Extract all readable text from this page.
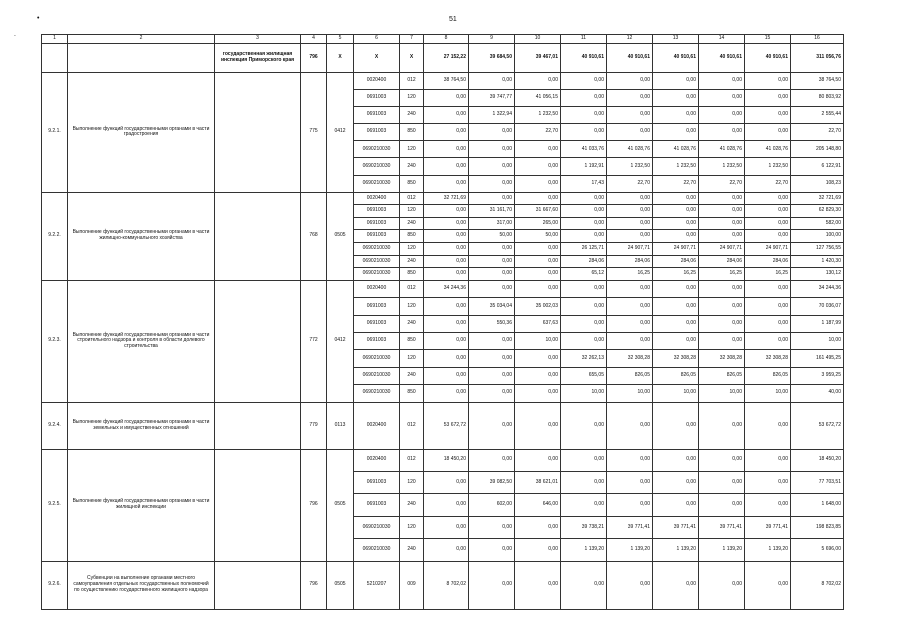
•	51
`	1	2	3	4	5	6	7	8	9	10	11	12	13	14	15	16
		государственная жилищная инспекция Приморского края	796	X	X	X	27 152,22	39 684,50	39 467,01	40 910,61	40 910,61	40 910,61	40 910,61	40 910,61	311 056,76
9.2.1.	Выполнение функций государственными органами в части градостроения		775	0412	0020400	012	38 764,50	0,00	0,00	0,00	0,00	0,00	0,00	0,00	38 764,50
					0691003	120	0,00	39 747,77	41 056,15	0,00	0,00	0,00	0,00	0,00	80 803,92
					0691003	240	0,00	1 322,94	1 232,50	0,00	0,00	0,00	0,00	0,00	2 555,44
					0691003	850	0,00	0,00	22,70	0,00	0,00	0,00	0,00	0,00	22,70
					0690210030	120	0,00	0,00	0,00	41 033,76	41 028,76	41 028,76	41 028,76	41 028,76	205 148,80
					0690210030	240	0,00	0,00	0,00	1 192,91	1 232,50	1 232,50	1 232,50	1 232,50	6 122,91
					0690210030	850	0,00	0,00	0,00	17,43	22,70	22,70	22,70	22,70	108,23
9.2.2.	Выполнение функций государственными органами в части жилищно-коммунального хозяйства		768	0505	0020400	012	32 721,69	0,00	0,00	0,00	0,00	0,00	0,00	0,00	32 721,69
					0691003	120	0,00	31 161,70	31 667,60	0,00	0,00	0,00	0,00	0,00	62 829,30
					0691003	240	0,00	317,00	265,00	0,00	0,00	0,00	0,00	0,00	582,00
					0691003	850	0,00	50,00	50,00	0,00	0,00	0,00	0,00	0,00	100,00
					0690210030	120	0,00	0,00	0,00	26 125,71	24 907,71	24 907,71	24 907,71	24 907,71	127 756,55
					0690210030	240	0,00	0,00	0,00	284,06	284,06	284,06	284,06	284,06	1 420,30
					0690210030	850	0,00	0,00	0,00	65,12	16,25	16,25	16,25	16,25	130,12
9.2.3.	Выполнение функций государственными органами в части строительного надзора и контроля в области долевого строительства		772	0412	0020400	012	34 244,36	0,00	0,00	0,00	0,00	0,00	0,00	0,00	34 244,36
					0691003	120	0,00	35 034,04	35 002,03	0,00	0,00	0,00	0,00	0,00	70 036,07
					0691003	240	0,00	550,36	637,63	0,00	0,00	0,00	0,00	0,00	1 187,99
					0691003	850	0,00	0,00	10,00	0,00	0,00	0,00	0,00	0,00	10,00
					0690210030	120	0,00	0,00	0,00	32 262,13	32 308,28	32 308,28	32 308,28	32 308,28	161 495,25
					0690210030	240	0,00	0,00	0,00	655,05	826,05	826,05	826,05	826,05	3 959,25
					0690210030	850	0,00	0,00	0,00	10,00	10,00	10,00	10,00	10,00	40,00
9.2.4.	Выполнение функций государственными органами в части земельных и имущественных отношений		779	0113	0020400	012	53 672,72	0,00	0,00	0,00	0,00	0,00	0,00	0,00	53 672,72
9.2.5.	Выполнение функций государственными органами в части жилищной инспекции		796	0505	0020400	012	18 450,20	0,00	0,00	0,00	0,00	0,00	0,00	0,00	18 450,20
					0691003	120	0,00	39 082,50	38 621,01	0,00	0,00	0,00	0,00	0,00	77 703,51
					0691003	240	0,00	602,00	646,00	0,00	0,00	0,00	0,00	0,00	1 648,00
					0690210030	120	0,00	0,00	0,00	39 738,21	39 771,41	39 771,41	39 771,41	39 771,41	198 823,85
					0690210030	240	0,00	0,00	0,00	1 139,20	1 139,20	1 139,20	1 139,20	1 139,20	5 696,00
9.2.6.	Субвенции на выполнение органами местного самоуправления отдельных государственных полномочий по осуществлению государственного жилищного надзора		796	0505	5210207	009	8 702,02	0,00	0,00	0,00	0,00	0,00	0,00	0,00	8 702,02
